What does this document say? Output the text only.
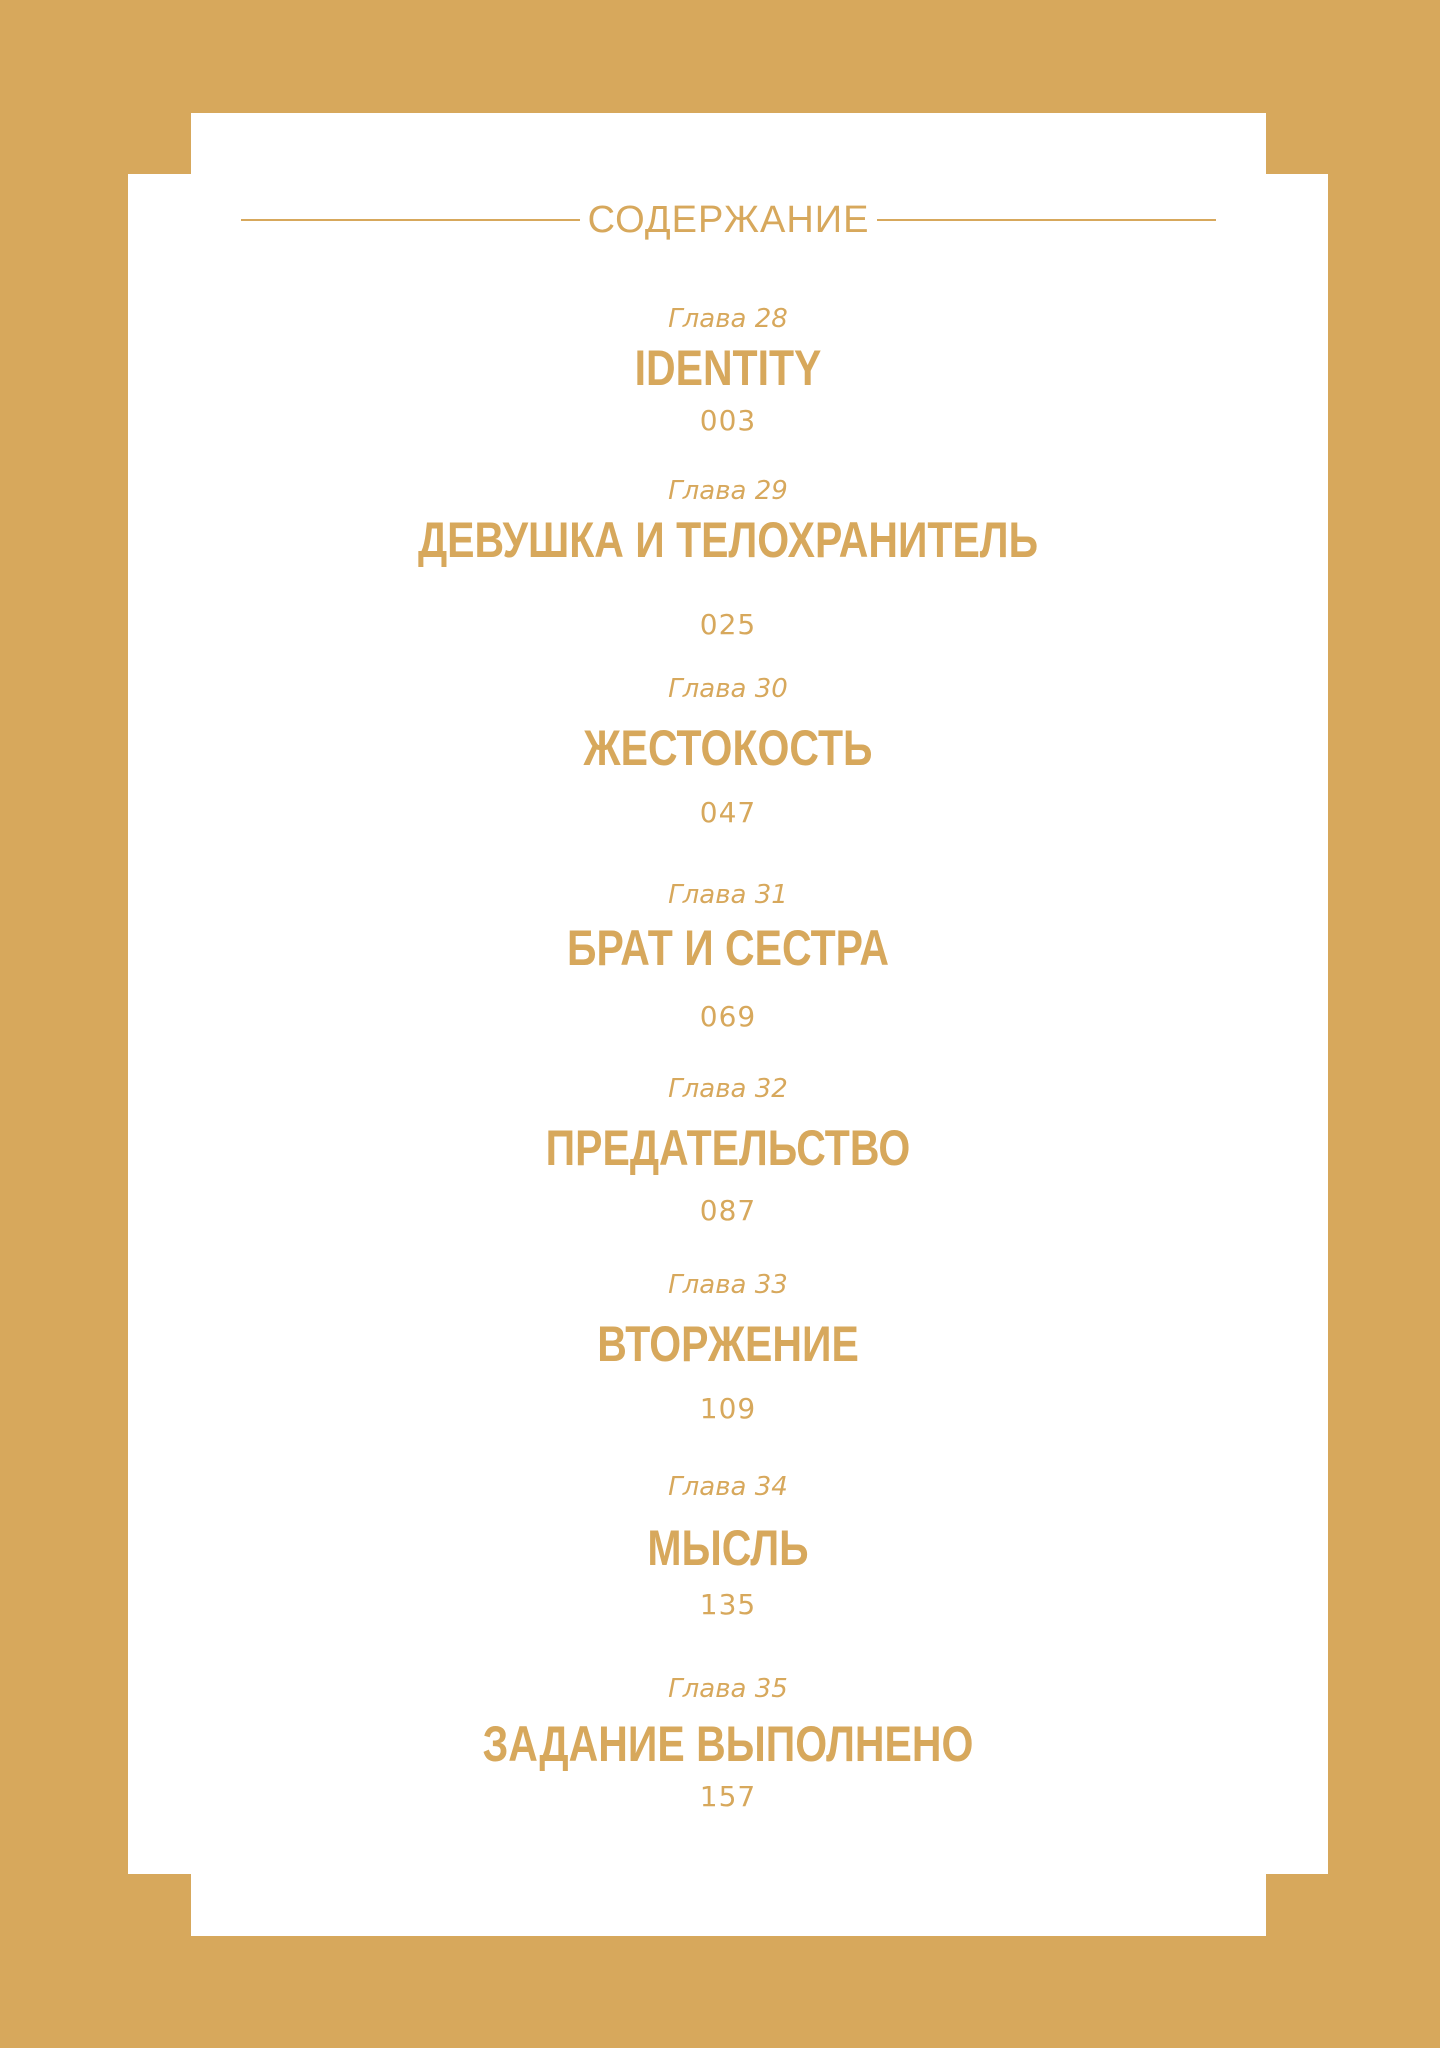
СОДЕРЖАНИЕ
Глава 28
IDENTITY
003
Глава 29
ДЕВУШКА И ТЕЛОХРАНИТЕЛЬ
025
Глава 30
ЖЕСТОКОСТЬ
047
Глава 31
БРАТ И СЕСТРА
069
Глава 32
ПРЕДАТЕЛЬСТВО
087
Глава 33
ВТОРЖЕНИЕ
109
Глава 34
МЫСЛЬ
135
Глава 35
ЗАДАНИЕ ВЫПОЛНЕНО
157
